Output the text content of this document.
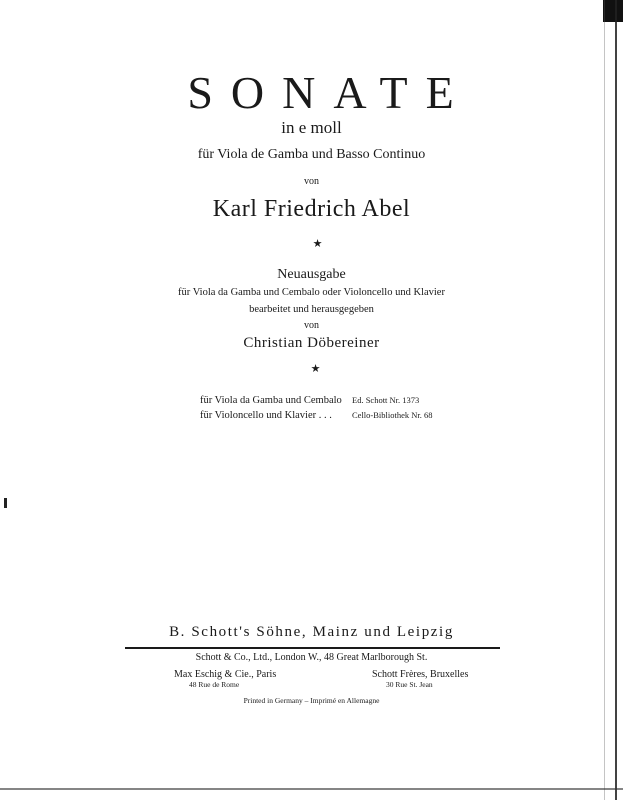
SONATE
in e moll
für Viola de Gamba und Basso Continuo
von
Karl Friedrich Abel
★
Neuausgabe
für Viola da Gamba und Cembalo oder Violoncello und Klavier
bearbeitet und herausgegeben
von
Christian Döbereiner
★
für Viola da Gamba und Cembalo Ed. Schott Nr. 1373
für Violoncello und Klavier . . . Cello-Bibliothek Nr. 68
B. Schott's Söhne, Mainz und Leipzig
Schott & Co., Ltd., London W., 48 Great Marlborough St.
Max Eschig & Cie., Paris
48 Rue de Rome
Schott Frères, Bruxelles
30 Rue St. Jean
Printed in Germany – Imprimé en Allemagne
